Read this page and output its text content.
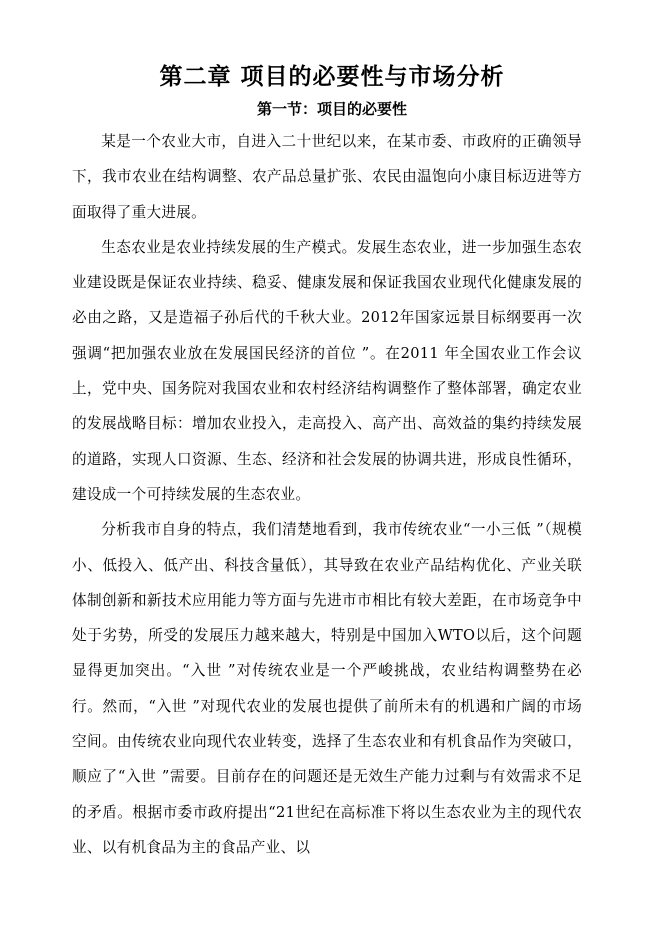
第二章 项目的必要性与市场分析
第一节：项目的必要性

某是一个农业大市，自进入二十世纪以来，在某市委、市政府的正确领导下，我市农业在结构调整、农产品总量扩张、农民由温饱向小康目标迈进等方面取得了重大进展。

生态农业是农业持续发展的生产模式。发展生态农业，进一步加强生态农业建设既是保证农业持续、稳妥、健康发展和保证我国农业现代化健康发展的必由之路，又是造福子孙后代的千秋大业。2012年国家远景目标纲要再一次强调“把加强农业放在发展国民经济的首位 ”。在2011 年全国农业工作会议上，党中央、国务院对我国农业和农村经济结构调整作了整体部署，确定农业的发展战略目标：增加农业投入，走高投入、高产出、高效益的集约持续发展的道路，实现人口资源、生态、经济和社会发展的协调共进，形成良性循环，建设成一个可持续发展的生态农业。

分析我市自身的特点，我们清楚地看到，我市传统农业“一小三低 ”（规模小、低投入、低产出、科技含量低），其导致在农业产品结构优化、产业关联体制创新和新技术应用能力等方面与先进市市相比有较大差距，在市场竞争中处于劣势，所受的发展压力越来越大，特别是中国加入WTO以后，这个问题显得更加突出。“入世 ”对传统农业是一个严峻挑战，农业结构调整势在必行。然而，“入世 ”对现代农业的发展也提供了前所未有的机遇和广阔的市场空间。由传统农业向现代农业转变，选择了生态农业和有机食品作为突破口，顺应了“入世 ”需要。目前存在的问题还是无效生产能力过剩与有效需求不足的矛盾。根据市委市政府提出“21世纪在高标准下将以生态农业为主的现代农业、以有机食品为主的食品产业、以
